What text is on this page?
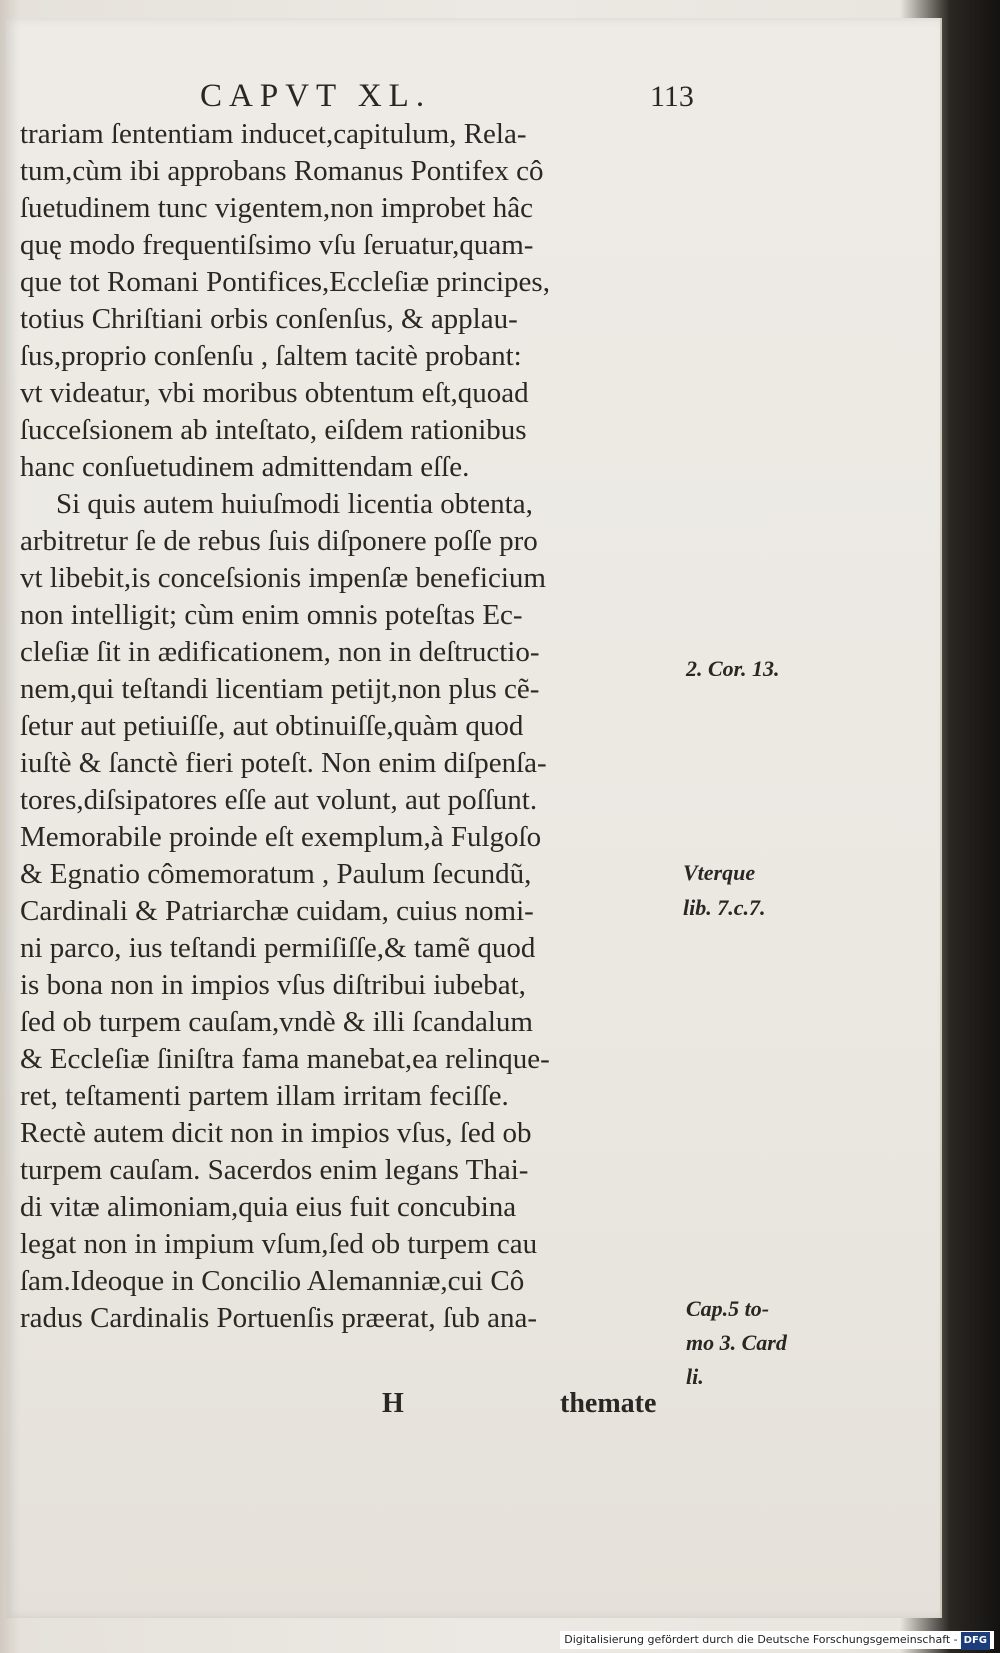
CAPVT XL.	113
trariam ſententiam inducet,capitulum, Rela-
tum,cùm ibi approbans Romanus Pontifex cô
ſuetudinem tunc vigentem,non improbet hâc
quę modo frequentiſsimo vſu ſeruatur,quam-
que tot Romani Pontifices,Eccleſiæ principes,
totius Chriſtiani orbis conſenſus, & applau-
ſus,proprio conſenſu , ſaltem tacitè probant:
vt videatur, vbi moribus obtentum eſt,quoad
ſucceſsionem ab inteſtato, eiſdem rationibus
hanc conſuetudinem admittendam eſſe.
Si quis autem huiuſmodi licentia obtenta,
arbitretur ſe de rebus ſuis diſponere poſſe pro
vt libebit,is conceſsionis impenſæ beneficium
non intelligit; cùm enim omnis poteſtas Ec-
cleſiæ ſit in ædificationem, non in deſtructio-
nem,qui teſtandi licentiam petijt,non plus cẽ-
ſetur aut petiuiſſe, aut obtinuiſſe,quàm quod
iuſtè & ſanctè fieri poteſt. Non enim diſpenſa-
tores,diſsipatores eſſe aut volunt, aut poſſunt.
Memorabile proinde eſt exemplum,à Fulgoſo
& Egnatio cômemoratum , Paulum ſecundũ,
Cardinali & Patriarchæ cuidam, cuius nomi-
ni parco, ius teſtandi permiſiſſe,& tamẽ quod
is bona non in impios vſus diſtribui iubebat,
ſed ob turpem cauſam,vndè & illi ſcandalum
& Eccleſiæ ſiniſtra fama manebat,ea relinque-
ret, teſtamenti partem illam irritam feciſſe.
Rectè autem dicit non in impios vſus, ſed ob
turpem cauſam. Sacerdos enim legans Thai-
di vitæ alimoniam,quia eius fuit concubina
legat non in impium vſum,ſed ob turpem cau
ſam.Ideoque in Concilio Alemanniæ,cui Cô
radus Cardinalis Portuenſis præerat, ſub ana-
2. Cor. 13.
Vterque
lib. 7.c.7.
Cap.5 to-
mo 3. Card
li.
H	themate
Digitalisierung gefördert durch die Deutsche Forschungsgemeinschaft - DFG
